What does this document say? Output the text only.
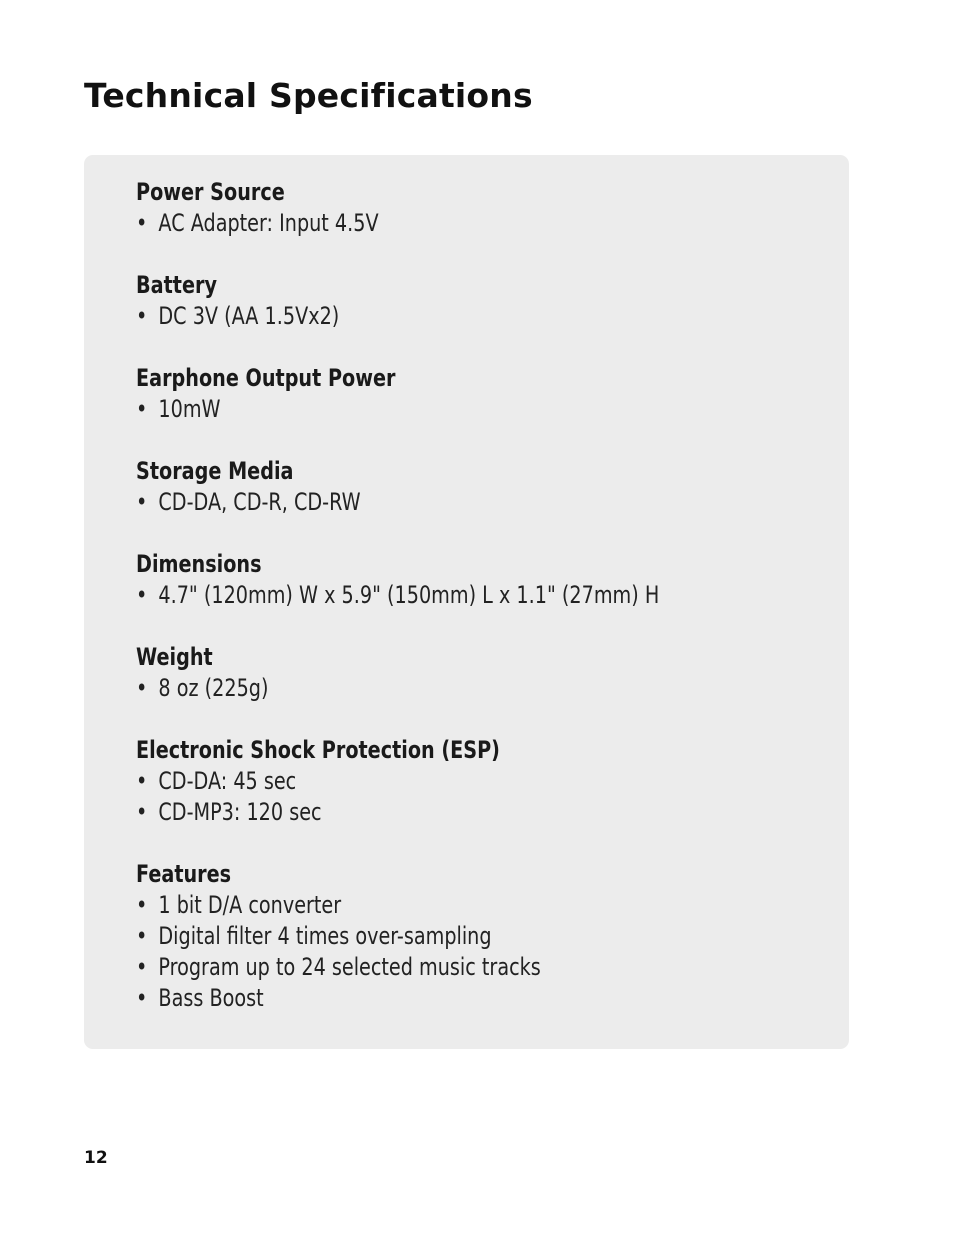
Technical Specifications
Power Source
• AC Adapter: Input 4.5V
Battery
• DC 3V (AA 1.5Vx2)
Earphone Output Power
• 10mW
Storage Media
• CD-DA, CD-R, CD-RW
Dimensions
• 4.7" (120mm) W x 5.9" (150mm) L x 1.1" (27mm) H
Weight
• 8 oz (225g)
Electronic Shock Protection (ESP)
• CD-DA: 45 sec
• CD-MP3: 120 sec
Features
• 1 bit D/A converter
• Digital filter 4 times over-sampling
• Program up to 24 selected music tracks
• Bass Boost
12
